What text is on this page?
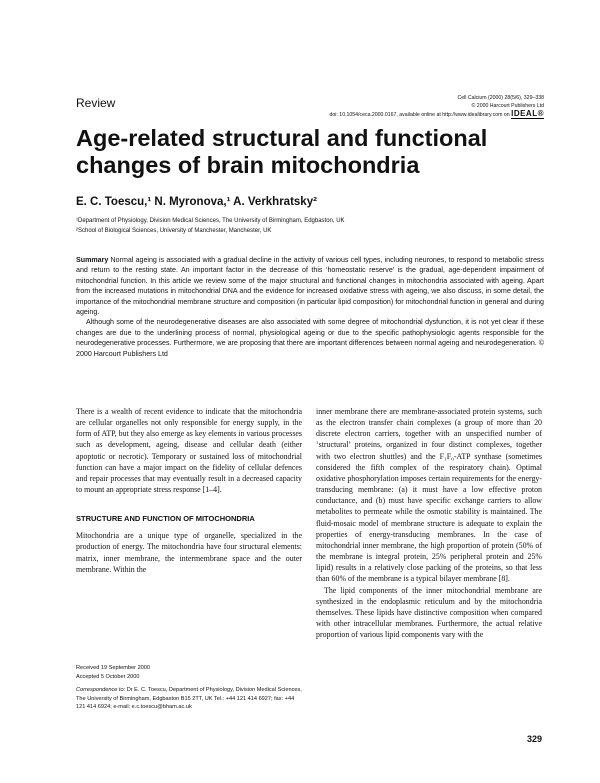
Review	Cell Calcium (2000) 28(5/6), 329–338
© 2000 Harcourt Publishers Ltd
doi: 10.1054/ceca.2000.0167, available online at http://www.idealibrary.com on IDEAL®
Age-related structural and functional changes of brain mitochondria
E. C. Toescu,¹ N. Myronova,¹ A. Verkhratsky²
¹Department of Physiology, Division Medical Sciences, The University of Birmingham, Edgbaston, UK
²School of Biological Sciences, University of Manchester, Manchester, UK

Summary Normal ageing is associated with a gradual decline in the activity of various cell types, including neurones, to respond to metabolic stress and return to the resting state. An important factor in the decrease of this ‘homeostatic reserve’ is the gradual, age-dependent impairment of mitochondrial function. In this article we review some of the major structural and functional changes in mitochondria associated with ageing. Apart from the increased mutations in mitochondrial DNA and the evidence for increased oxidative stress with ageing, we also discuss, in some detail, the importance of the mitochondrial membrane structure and composition (in particular lipid composition) for mitochondrial function in general and during ageing.

Although some of the neurodegenerative diseases are also associated with some degree of mitochondrial dysfunction, it is not yet clear if these changes are due to the underlining process of normal, physiological ageing or due to the specific pathophysiologic agents responsible for the neurodegenerative processes. Furthermore, we are proposing that there are important differences between normal ageing and neurodegeneration. © 2000 Harcourt Publishers Ltd

There is a wealth of recent evidence to indicate that the mitochondria are cellular organelles not only responsible for energy supply, in the form of ATP, but they also emerge as key elements in various processes such as development, ageing, disease and cellular death (either apoptotic or necrotic). Temporary or sustained loss of mitochondrial function can have a major impact on the fidelity of cellular defences and repair processes that may eventually result in a decreased capacity to mount an appropriate stress response [1–4].

STRUCTURE AND FUNCTION OF MITOCHONDRIA

Mitochondria are a unique type of organelle, specialized in the production of energy. The mitochondria have four structural elements: matrix, inner membrane, the intermembrane space and the outer membrane. Within the

inner membrane there are membrane-associated protein systems, such as the electron transfer chain complexes (a group of more than 20 discrete electron carriers, together with an unspecified number of ‘structural’ proteins, organized in four distinct complexes, together with two electron shuttles) and the F₁F₀-ATP synthase (sometimes considered the fifth complex of the respiratory chain). Optimal oxidative phosphorylation imposes certain requirements for the energy-transducing membrane: (a) it must have a low effective proton conductance, and (b) must have specific exchange carriers to allow metabolites to permeate while the osmotic stability is maintained. The fluid-mosaic model of membrane structure is adequate to explain the properties of energy-transducing membranes. In the case of mitochondrial inner membrane, the high proportion of protein (50% of the membrane is integral protein, 25% peripheral protein and 25% lipid) results in a relatively close packing of the proteins, so that less than 60% of the membrane is a typical bilayer membrane [8].

The lipid components of the inner mitochondrial membrane are synthesized in the endoplasmic reticulum and by the mitochondria themselves. These lipids have distinctive composition when compared with other intracellular membranes. Furthermore, the actual relative proportion of various lipid components vary with the

Received 19 September 2000

Accepted 5 October 2000

Correspondence to: Dr E. C. Toescu, Department of Physiology, Division Medical Sciences, The University of Birmingham, Edgbaston B15 2TT, UK Tel.: +44 121 414 6927; fax: +44 121 414 6924; e-mail: e.c.toescu@bham.ac.uk

329
